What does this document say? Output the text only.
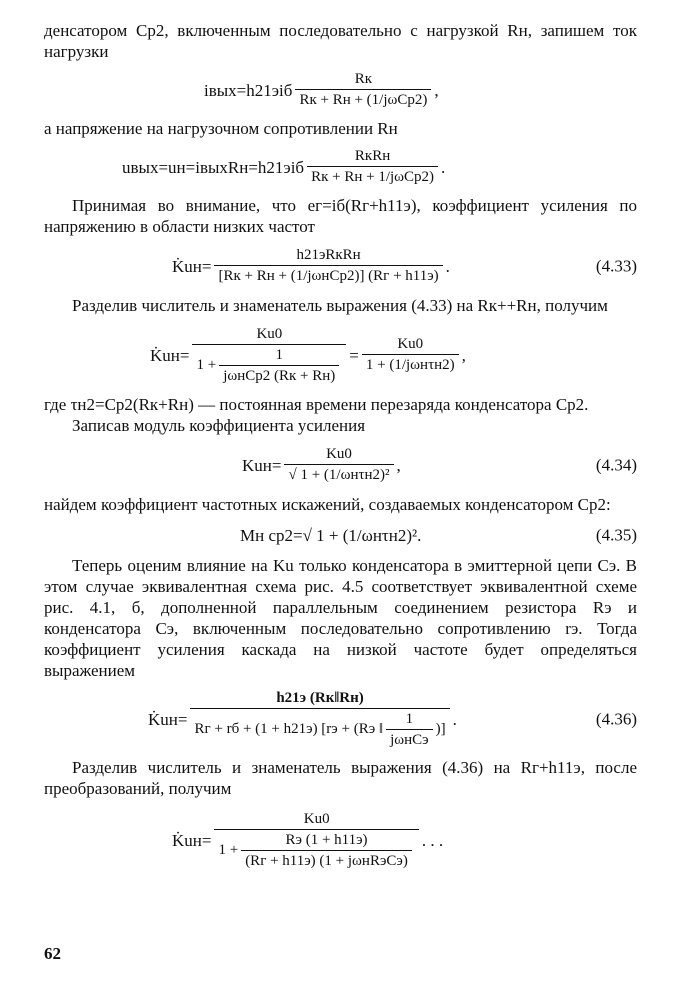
денсатором Cр2, включенным последовательно с нагрузкой Rн, запишем ток нагрузки

iвых=h21эiб $\frac{Rк}{\text{Rк + Rн + (1/jωCр2)}}$ ,

а напряжение на нагрузочном сопротивлении Rн

uвых=uн=iвыхRн=h21эiб $\frac{\text{RкRн}}{\text{Rк + Rн + 1/jωCр2)}}$ .

Принимая во внимание, что eг=iб(Rг+h11э), коэффициент усиления по напряжению в области низких частот

K̇uн= $\frac{\text{h21эRкRн}}{\text{[Rк + Rн + (1/jωнCр2)] (Rг + h11э)}}$ .	(4.33)

Разделив числитель и знаменатель выражения (4.33) на Rк++Rн, получим

K̇uн= $\frac{Ku0}{1 + \frac{1}{\text{jωнCр2 (Rк + Rн)}}} = \frac{Ku0}{\text{1 + (1/jωнτн2)}}$ ,

где τн2=Cр2(Rк+Rн) — постоянная времени перезаряда конденсатора Cр2.

Записав модуль коэффициента усиления

$Kuн= \frac{Ku0}{\text{√ 1 + (1/ωнτн2)²}}$ ,	(4.34)

найдем коэффициент частотных искажений, создаваемых конденсатором Cр2:

Mн ср2=√ 1 + (1/ωнτн2)².	(4.35)

Теперь оценим влияние на Ku только конденсатора в эмиттерной цепи Cэ. В этом случае эквивалентная схема рис. 4.5 соответствует эквивалентной схеме рис. 4.1, б, дополненной параллельным соединением резистора Rэ и конденсатора Cэ, включенным последовательно сопротивлению rэ. Тогда коэффициент усиления каскада на низкой частоте будет определяться выражением

K̇uн=
h21э (Rк‖Rн)
Rг + rб + (1 + h21э) [rэ + (Rэ ‖ $\frac{1}{\text{jωнCэ}}$ )]
.	(4.36)

Разделив числитель и знаменатель выражения (4.36) на Rг+h11э, после преобразований, получим

K̇uн=
Ku0
$1 + \frac{Rэ (1 + h11э)}{\text{(Rг + h11э) (1 + jωнRэCэ)}}$ . . .
62
